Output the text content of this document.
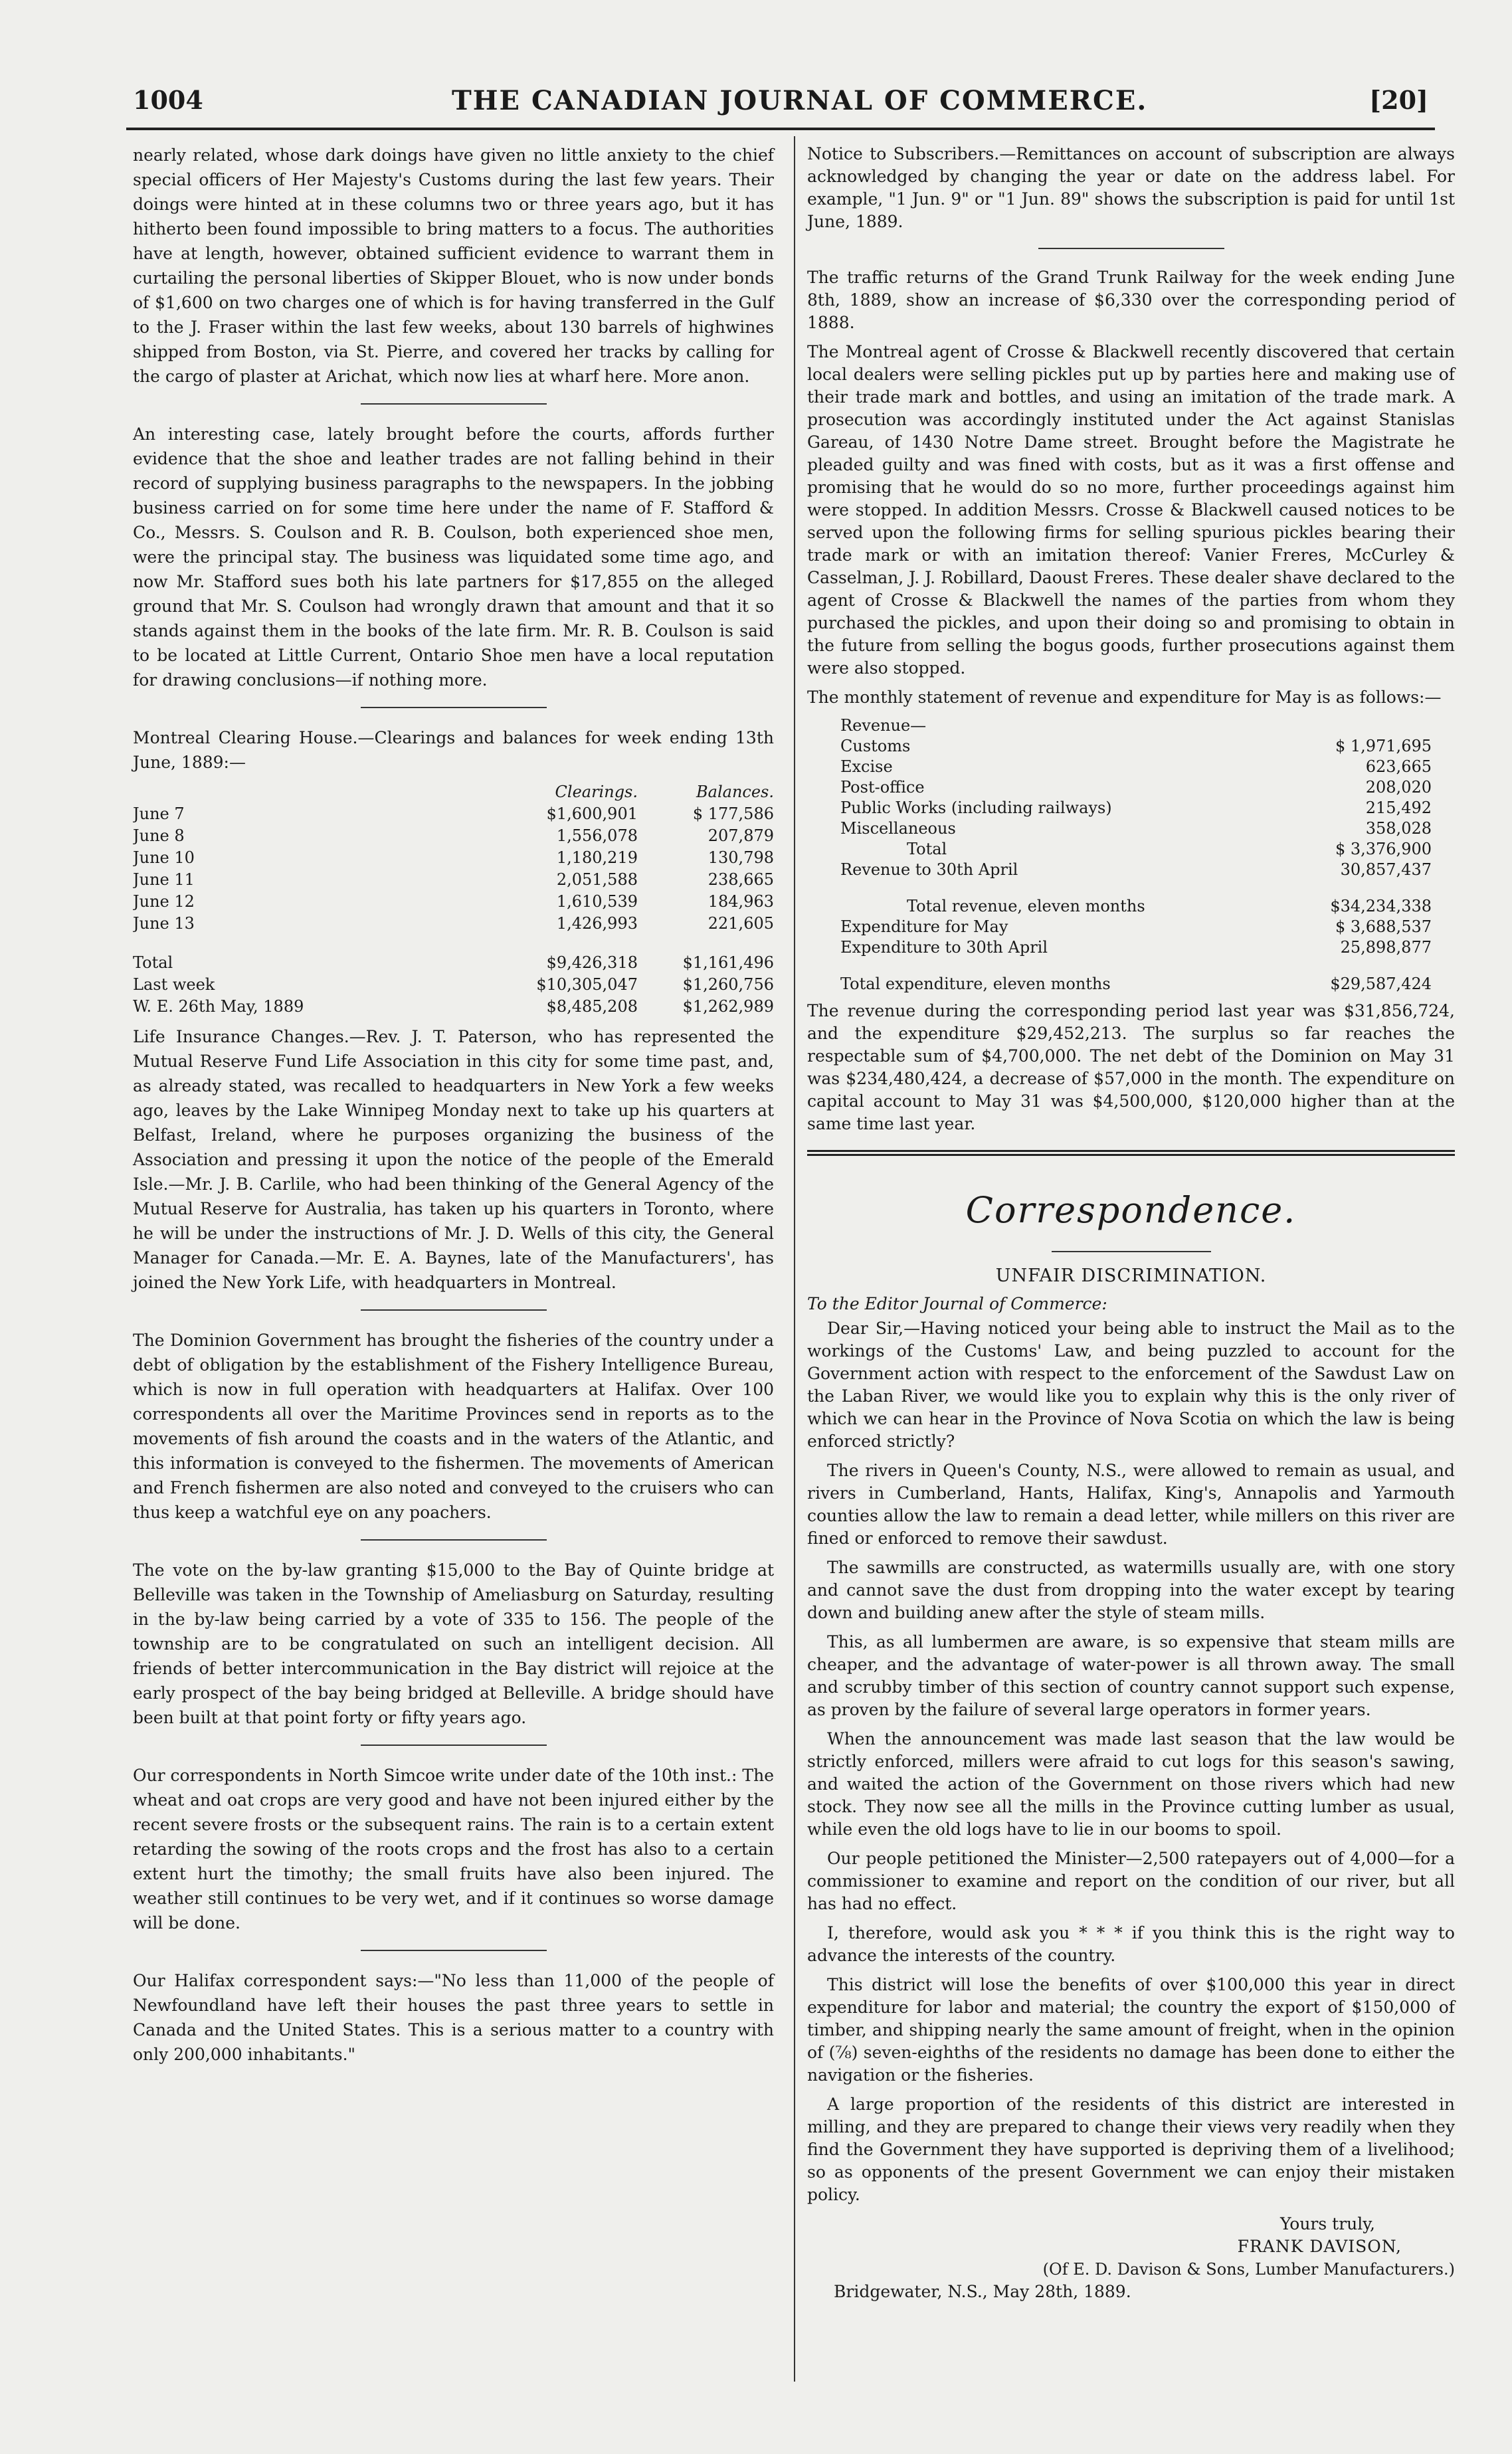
1004	THE CANADIAN JOURNAL OF COMMERCE.	[20]

nearly related, whose dark doings have given no little anxiety to the chief special officers of Her Majesty's Customs during the last few years. Their doings were hinted at in these columns two or three years ago, but it has hitherto been found impossible to bring matters to a focus. The authorities have at length, however, obtained sufficient evidence to warrant them in curtailing the personal liberties of Skipper Blouet, who is now under bonds of $1,600 on two charges one of which is for having transferred in the Gulf to the J. Fraser within the last few weeks, about 130 barrels of highwines shipped from Boston, via St. Pierre, and covered her tracks by calling for the cargo of plaster at Arichat, which now lies at wharf here. More anon.

An interesting case, lately brought before the courts, affords further evidence that the shoe and leather trades are not falling behind in their record of supplying business paragraphs to the newspapers. In the jobbing business carried on for some time here under the name of F. Stafford & Co., Messrs. S. Coulson and R. B. Coulson, both experienced shoe men, were the principal stay. The business was liquidated some time ago, and now Mr. Stafford sues both his late partners for $17,855 on the alleged ground that Mr. S. Coulson had wrongly drawn that amount and that it so stands against them in the books of the late firm. Mr. R. B. Coulson is said to be located at Little Current, Ontario Shoe men have a local reputation for drawing conclusions—if nothing more.

Montreal Clearing House.—Clearings and balances for week ending 13th June, 1889:—

Clearings.	Balances.
June 7	$1,600,901	$ 177,586
June 8	1,556,078	207,879
June 10	1,180,219	130,798
June 11	2,051,588	238,665
June 12	1,610,539	184,963
June 13	1,426,993	221,605
Total	$9,426,318	$1,161,496
Last week	$10,305,047	$1,260,756
W. E. 26th May, 1889	$8,485,208	$1,262,989

Life Insurance Changes.—Rev. J. T. Paterson, who has represented the Mutual Reserve Fund Life Association in this city for some time past, and, as already stated, was recalled to headquarters in New York a few weeks ago, leaves by the Lake Winnipeg Monday next to take up his quarters at Belfast, Ireland, where he purposes organizing the business of the Association and pressing it upon the notice of the people of the Emerald Isle.—Mr. J. B. Carlile, who had been thinking of the General Agency of the Mutual Reserve for Australia, has taken up his quarters in Toronto, where he will be under the instructions of Mr. J. D. Wells of this city, the General Manager for Canada.—Mr. E. A. Baynes, late of the Manufacturers', has joined the New York Life, with headquarters in Montreal.

The Dominion Government has brought the fisheries of the country under a debt of obligation by the establishment of the Fishery Intelligence Bureau, which is now in full operation with headquarters at Halifax. Over 100 correspondents all over the Maritime Provinces send in reports as to the movements of fish around the coasts and in the waters of the Atlantic, and this information is conveyed to the fishermen. The movements of American and French fishermen are also noted and conveyed to the cruisers who can thus keep a watchful eye on any poachers.

The vote on the by-law granting $15,000 to the Bay of Quinte bridge at Belleville was taken in the Township of Ameliasburg on Saturday, resulting in the by-law being carried by a vote of 335 to 156. The people of the township are to be congratulated on such an intelligent decision. All friends of better intercommunication in the Bay district will rejoice at the early prospect of the bay being bridged at Belleville. A bridge should have been built at that point forty or fifty years ago.

Our correspondents in North Simcoe write under date of the 10th inst.: The wheat and oat crops are very good and have not been injured either by the recent severe frosts or the subsequent rains. The rain is to a certain extent retarding the sowing of the roots crops and the frost has also to a certain extent hurt the timothy; the small fruits have also been injured. The weather still continues to be very wet, and if it continues so worse damage will be done.

Our Halifax correspondent says:—"No less than 11,000 of the people of Newfoundland have left their houses the past three years to settle in Canada and the United States. This is a serious matter to a country with only 200,000 inhabitants."

Notice to Subscribers.—Remittances on account of subscription are always acknowledged by changing the year or date on the address label. For example, "1 Jun. 9" or "1 Jun. 89" shows the subscription is paid for until 1st June, 1889.

The traffic returns of the Grand Trunk Railway for the week ending June 8th, 1889, show an increase of $6,330 over the corresponding period of 1888.

The Montreal agent of Crosse & Blackwell recently discovered that certain local dealers were selling pickles put up by parties here and making use of their trade mark and bottles, and using an imitation of the trade mark. A prosecution was accordingly instituted under the Act against Stanislas Gareau, of 1430 Notre Dame street. Brought before the Magistrate he pleaded guilty and was fined with costs, but as it was a first offense and promising that he would do so no more, further proceedings against him were stopped. In addition Messrs. Crosse & Blackwell caused notices to be served upon the following firms for selling spurious pickles bearing their trade mark or with an imitation thereof: Vanier Freres, McCurley & Casselman, J. J. Robillard, Daoust Freres. These dealer shave declared to the agent of Crosse & Blackwell the names of the parties from whom they purchased the pickles, and upon their doing so and promising to obtain in the future from selling the bogus goods, further prosecutions against them were also stopped.

The monthly statement of revenue and expenditure for May is as follows:—

Revenue—
Customs	$ 1,971,695
Excise	623,665
Post-office	208,020
Public Works (including railways)	215,492
Miscellaneous	358,028
Total	$ 3,376,900
Revenue to 30th April	30,857,437
Total revenue, eleven months	$34,234,338
Expenditure for May	$ 3,688,537
Expenditure to 30th April	25,898,877
Total expenditure, eleven months	$29,587,424

The revenue during the corresponding period last year was $31,856,724, and the expenditure $29,452,213. The surplus so far reaches the respectable sum of $4,700,000. The net debt of the Dominion on May 31 was $234,480,424, a decrease of $57,000 in the month. The expenditure on capital account to May 31 was $4,500,000, $120,000 higher than at the same time last year.

Correspondence.
UNFAIR DISCRIMINATION.
To the Editor Journal of Commerce:

Dear Sir,—Having noticed your being able to instruct the Mail as to the workings of the Customs' Law, and being puzzled to account for the Government action with respect to the enforcement of the Sawdust Law on the Laban River, we would like you to explain why this is the only river of which we can hear in the Province of Nova Scotia on which the law is being enforced strictly?

The rivers in Queen's County, N.S., were allowed to remain as usual, and rivers in Cumberland, Hants, Halifax, King's, Annapolis and Yarmouth counties allow the law to remain a dead letter, while millers on this river are fined or enforced to remove their sawdust.

The sawmills are constructed, as watermills usually are, with one story and cannot save the dust from dropping into the water except by tearing down and building anew after the style of steam mills.

This, as all lumbermen are aware, is so expensive that steam mills are cheaper, and the advantage of water-power is all thrown away. The small and scrubby timber of this section of country cannot support such expense, as proven by the failure of several large operators in former years.

When the announcement was made last season that the law would be strictly enforced, millers were afraid to cut logs for this season's sawing, and waited the action of the Government on those rivers which had new stock. They now see all the mills in the Province cutting lumber as usual, while even the old logs have to lie in our booms to spoil.

Our people petitioned the Minister—2,500 ratepayers out of 4,000—for a commissioner to examine and report on the condition of our river, but all has had no effect.

I, therefore, would ask you * * * if you think this is the right way to advance the interests of the country.

This district will lose the benefits of over $100,000 this year in direct expenditure for labor and material; the country the export of $150,000 of timber, and shipping nearly the same amount of freight, when in the opinion of (⅞) seven-eighths of the residents no damage has been done to either the navigation or the fisheries.

A large proportion of the residents of this district are interested in milling, and they are prepared to change their views very readily when they find the Government they have supported is depriving them of a livelihood; so as opponents of the present Government we can enjoy their mistaken policy.

Yours truly,
FRANK DAVISON,
(Of E. D. Davison & Sons, Lumber Manufacturers.)
Bridgewater, N.S., May 28th, 1889.
